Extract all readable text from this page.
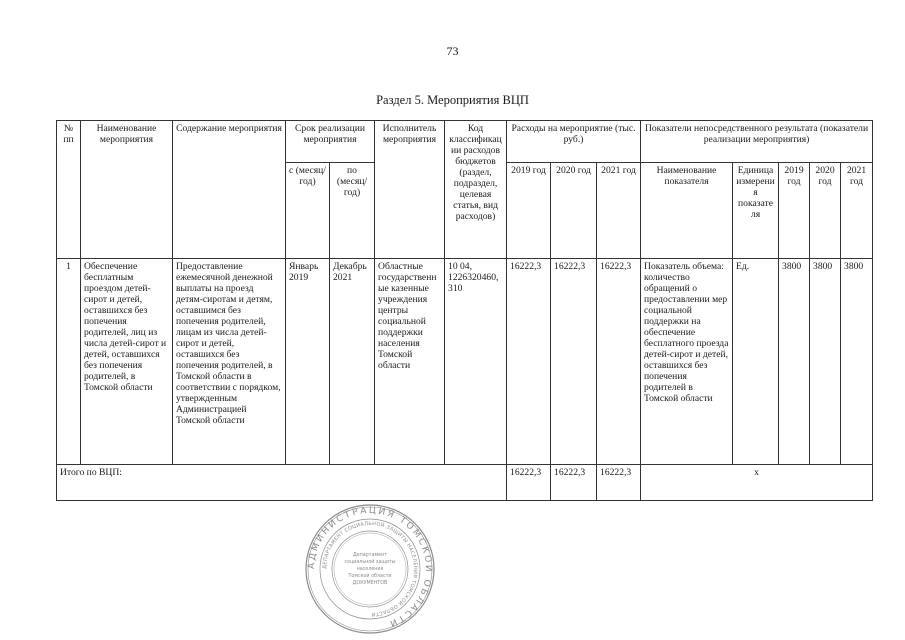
73
Раздел 5. Мероприятия ВЦП
№ пп	Наименование мероприятия	Содержание мероприятия	Срок реализации мероприятия		Исполнитель мероприятия	Код классификации расходов бюджетов (раздел, подраздел, целевая статья, вид расходов)	Расходы на мероприятие (тыс. руб.)			Показатели непосредственного результата (показатели реализации мероприятия)				
			с (месяц/ год)	по (месяц/ год)			2019 год	2020 год	2021 год	Наименование показателя	Единица измерения показателя	2019 год	2020 год	2021 год
1	Обеспечение бесплатным проездом детей-сирот и детей, оставшихся без попечения родителей, лиц из числа детей-сирот и детей, оставшихся без попечения родителей, в Томской области	Предоставление ежемесячной денежной выплаты на проезд детям-сиротам и детям, оставшимся без попечения родителей, лицам из числа детей-сирот и детей, оставшихся без попечения родителей, в Томской области в соответствии с порядком, утвержденным Администрацией Томской области	Январь 2019	Декабрь 2021	Областные государственные казенные учреждения центры социальной поддержки населения Томской области	10 04, 1226320460, 310	16222,3	16222,3	16222,3	Показатель объема: количество обращений о предоставлении мер социальной поддержки на обеспечение бесплатного проезда детей-сирот и детей, оставшихся без попечения родителей в Томской области	Ед.	3800	3800	3800
Итого по ВЦП:							16222,3	16222,3	16222,3	х				
АДМИНИСТРАЦИЯ ТОМСКОЙ ОБЛАСТИ
ДЕПАРТАМЕНТ СОЦИАЛЬНОЙ ЗАЩИТЫ НАСЕЛЕНИЯ ТОМСКОЙ ОБЛАСТИ
Департамент
социальной защиты
населения
Томской области
ДОКУМЕНТОВ
